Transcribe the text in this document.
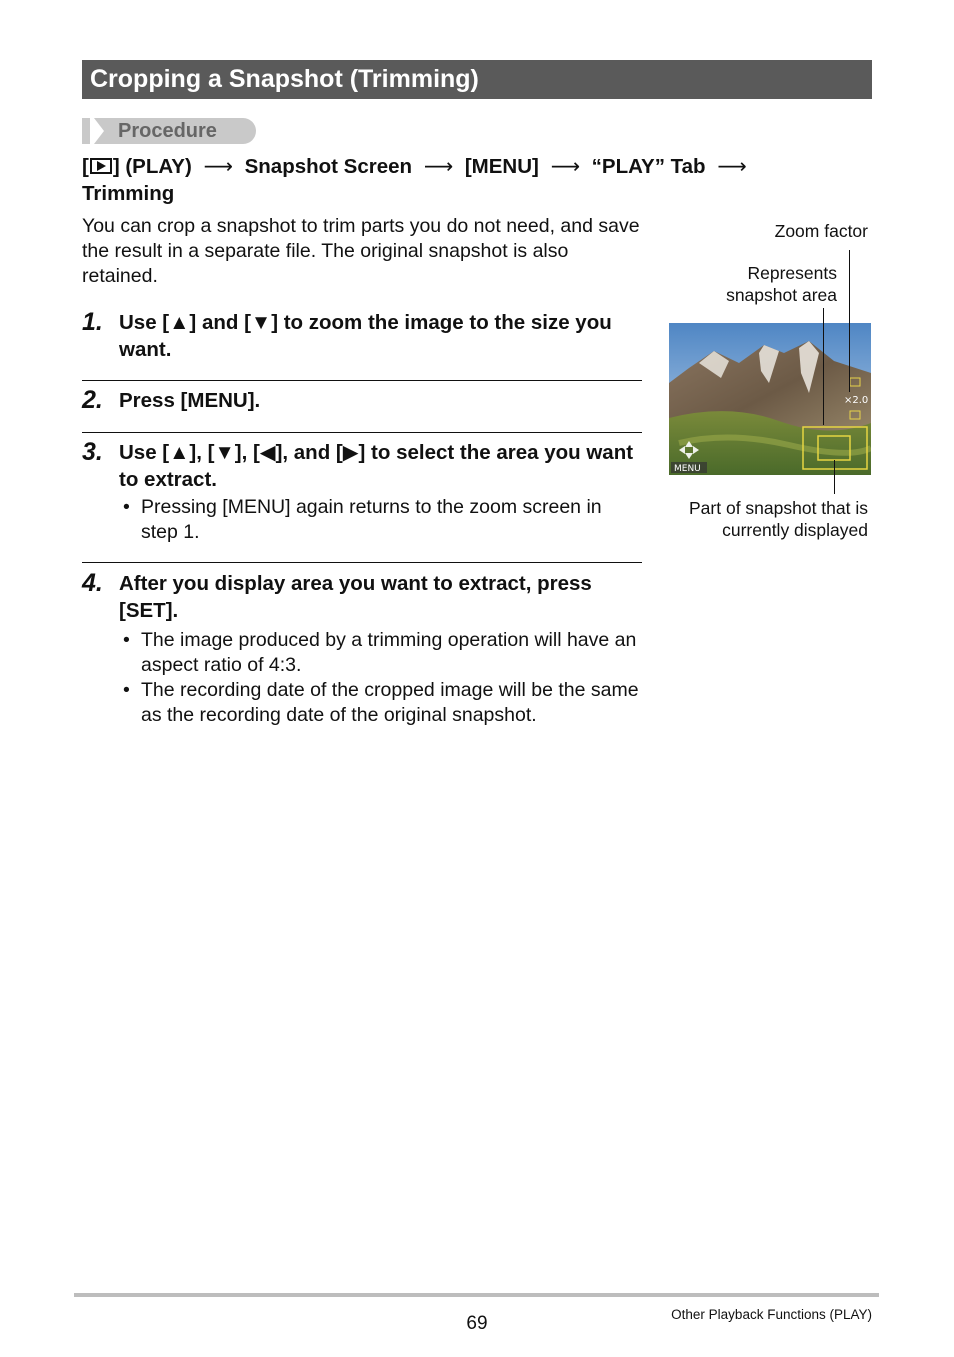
Cropping a Snapshot (Trimming)
Procedure
[ ] (PLAY) ⟶ Snapshot Screen ⟶ [MENU] ⟶ “PLAY” Tab ⟶
Trimming
You can crop a snapshot to trim parts you do not need, and save the result in a separate file. The original snapshot is also retained.
1. Use [▲] and [▼] to zoom the image to the size you want.
2. Press [MENU].
3. Use [▲], [▼], [◀], and [▶] to select the area you want to extract.
• Pressing [MENU] again returns to the zoom screen in step 1.
4. After you display area you want to extract, press [SET].
• The image produced by a trimming operation will have an aspect ratio of 4:3.
• The recording date of the cropped image will be the same as the recording date of the original snapshot.
Zoom factor
Represents
snapshot area
MENU
×2.0
Part of snapshot that is
currently displayed
69	Other Playback Functions (PLAY)
